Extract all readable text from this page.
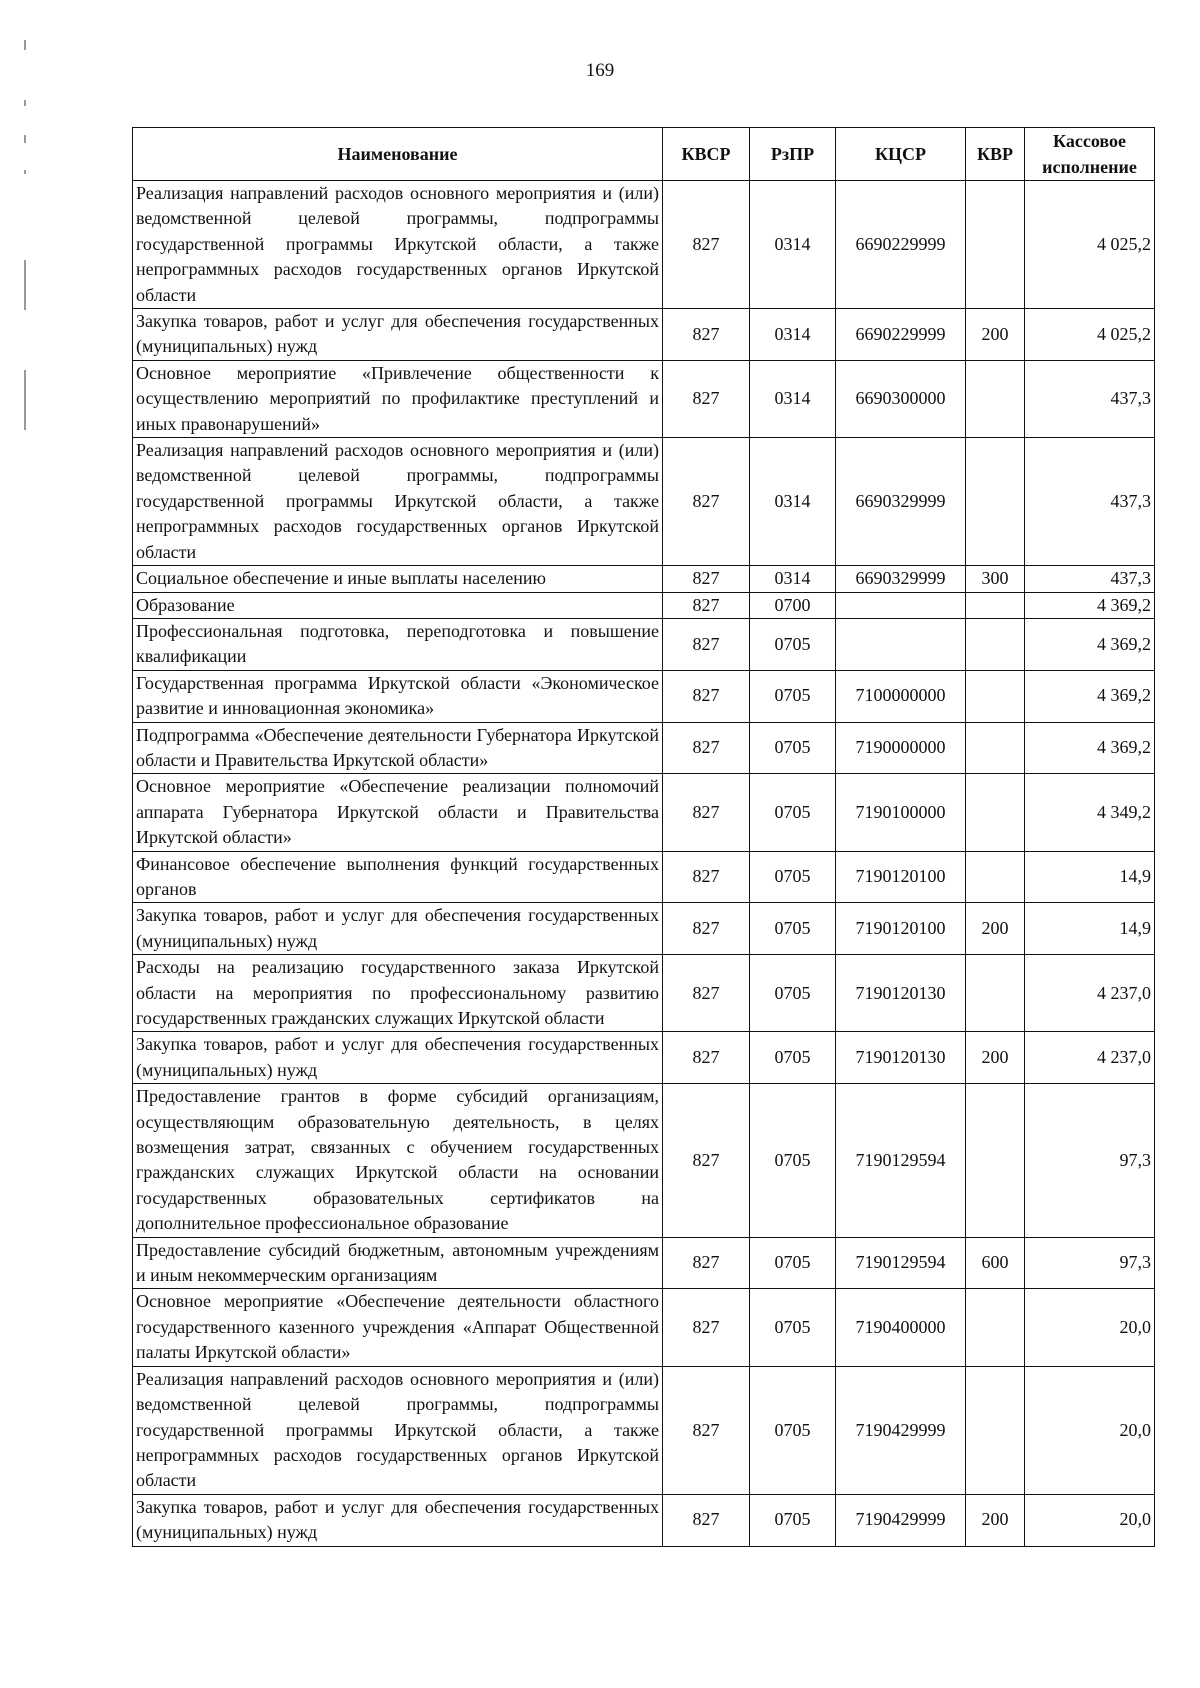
169
Наименование	КВСР	РзПР	КЦСР	КВР	Кассовое исполнение
Реализация направлений расходов основного мероприятия и (или) ведомственной целевой программы, подпрограммы государственной программы Иркутской области, а также непрограммных расходов государственных органов Иркутской области	827	0314	6690229999		4 025,2
Закупка товаров, работ и услуг для обеспечения государственных (муниципальных) нужд	827	0314	6690229999	200	4 025,2
Основное мероприятие «Привлечение общественности к осуществлению мероприятий по профилактике преступлений и иных правонарушений»	827	0314	6690300000		437,3
Реализация направлений расходов основного мероприятия и (или) ведомственной целевой программы, подпрограммы государственной программы Иркутской области, а также непрограммных расходов государственных органов Иркутской области	827	0314	6690329999		437,3
Социальное обеспечение и иные выплаты населению	827	0314	6690329999	300	437,3
Образование	827	0700			4 369,2
Профессиональная подготовка, переподготовка и повышение квалификации	827	0705			4 369,2
Государственная программа Иркутской области «Экономическое развитие и инновационная экономика»	827	0705	7100000000		4 369,2
Подпрограмма «Обеспечение деятельности Губернатора Иркутской области и Правительства Иркутской области»	827	0705	7190000000		4 369,2
Основное мероприятие «Обеспечение реализации полномочий аппарата Губернатора Иркутской области и Правительства Иркутской области»	827	0705	7190100000		4 349,2
Финансовое обеспечение выполнения функций государственных органов	827	0705	7190120100		14,9
Закупка товаров, работ и услуг для обеспечения государственных (муниципальных) нужд	827	0705	7190120100	200	14,9
Расходы на реализацию государственного заказа Иркутской области на мероприятия по профессиональному развитию государственных гражданских служащих Иркутской области	827	0705	7190120130		4 237,0
Закупка товаров, работ и услуг для обеспечения государственных (муниципальных) нужд	827	0705	7190120130	200	4 237,0
Предоставление грантов в форме субсидий организациям, осуществляющим образовательную деятельность, в целях возмещения затрат, связанных с обучением государственных гражданских служащих Иркутской области на основании государственных образовательных сертификатов на дополнительное профессиональное образование	827	0705	7190129594		97,3
Предоставление субсидий бюджетным, автономным учреждениям и иным некоммерческим организациям	827	0705	7190129594	600	97,3
Основное мероприятие «Обеспечение деятельности областного государственного казенного учреждения «Аппарат Общественной палаты Иркутской области»	827	0705	7190400000		20,0
Реализация направлений расходов основного мероприятия и (или) ведомственной целевой программы, подпрограммы государственной программы Иркутской области, а также непрограммных расходов государственных органов Иркутской области	827	0705	7190429999		20,0
Закупка товаров, работ и услуг для обеспечения государственных (муниципальных) нужд	827	0705	7190429999	200	20,0
